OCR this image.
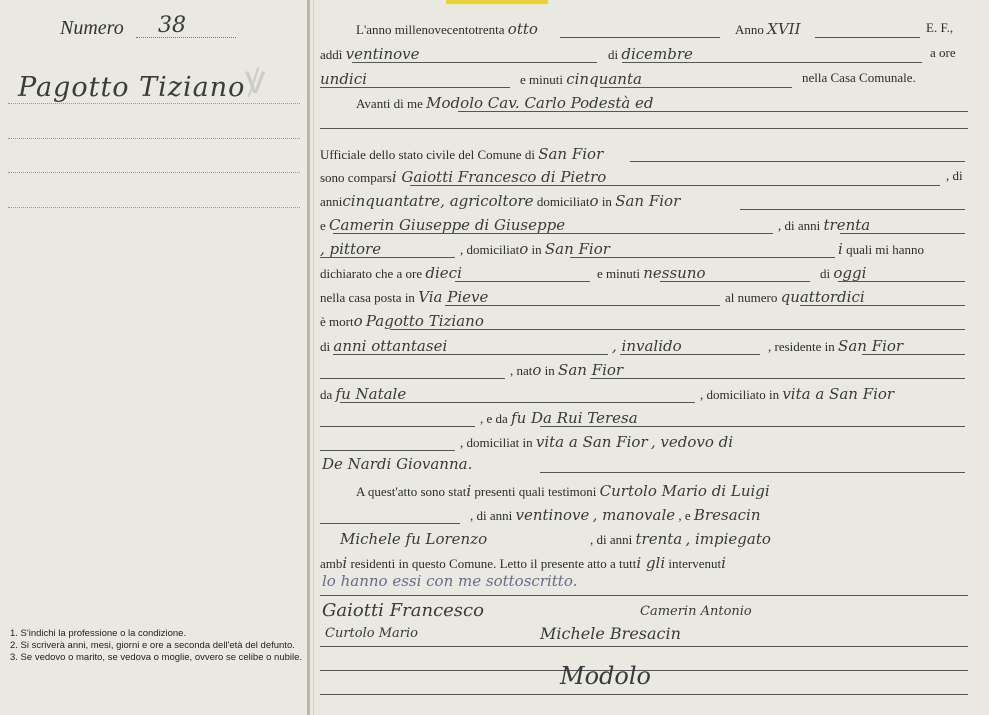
Numero 38
Pagotto Tiziano ꝟ
1. S'indichi la professione o la condizione.
2. Si scriverà anni, mesi, giorni e ore a seconda dell'età del defunto.
3. Se vedovo o marito, se vedova o moglie, ovvero se celibe o nubile.
L'anno millenovecentotrenta otto	Anno XVII	E. F.,
addì ventinove	di dicembre	a ore
undici	e minuti cinquanta	nella Casa Comunale.
Avanti di me Modolo Cav. Carlo Podestà ed
Ufficiale dello stato civile del Comune di San Fior
sono comparsi Gaiotti Francesco di Pietro	, di
annicinquantatre, agricoltore domiciliato in San Fior
e Camerin Giuseppe di Giuseppe	, di anni trenta
, pittore	, domiciliato in San Fior	i quali mi hanno
dichiarato che a ore dieci	e minuti nessuno	di oggi
nella casa posta in Via Pieve	al numero quattordici
è morto Pagotto Tiziano
di anni ottantasei	, invalido	, residente in San Fior
, nato in San Fior
da fu Natale	, domiciliato in vita a San Fior
, e da fu Da Rui Teresa
, domiciliat in vita a San Fior , vedovo di
De Nardi Giovanna.
A quest'atto sono stati presenti quali testimoni Curtolo Mario di Luigi
, di anni ventinove , manovale , e Bresacin
Michele fu Lorenzo	, di anni trenta , impiegato
ambi residenti in questo Comune. Letto il presente atto a tutti gli intervenuti
lo hanno essi con me sottoscritto.
Gaiotti Francesco	Camerin Antonio
Curtolo Mario	Michele Bresacin
Modolo
